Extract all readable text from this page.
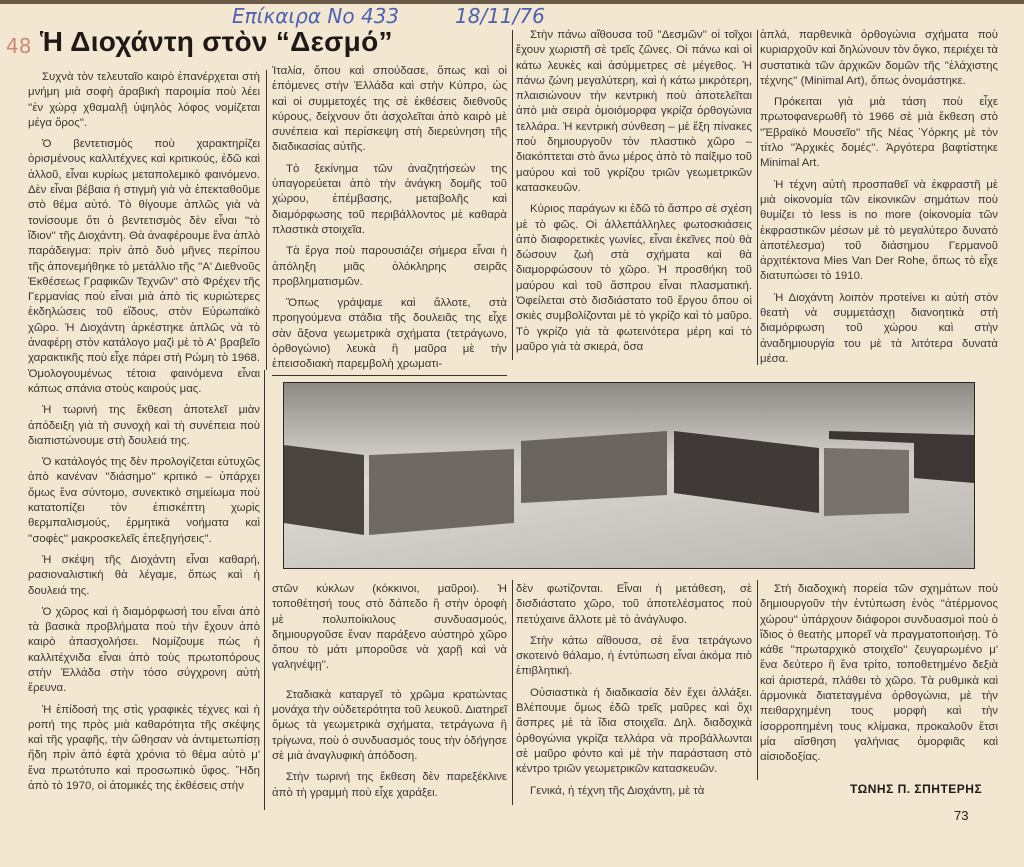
48
Επίκαιρα Νο 433	18/11/76
Ἡ Διοχάντη στὸν “Δεσμό”

Συχνὰ τὸν τελευταῖο καιρὸ ἐπανέρχεται στὴ μνήμη μιὰ σοφὴ ἀραβικὴ παροιμία ποὺ λέει ''ἐν χώρᾳ χθαμαλῇ ὑψηλὸς λόφος νομίζεται μέγα ὄρος''.

Ὁ βεντετισμὸς ποὺ χαρακτηρίζει ὁρισμένους καλλιτέχνες καὶ κριτικούς, ἐδῶ καὶ ἀλλοῦ, εἶναι κυρίως μεταπολεμικὸ φαινόμενο. Δὲν εἶναι βέβαια ἡ στιγμὴ γιὰ νὰ ἐπεκταθοῦμε στὸ θέμα αὐτό. Τὸ θίγουμε ἁπλῶς γιὰ νὰ τονίσουμε ὅτι ὁ βεντετισμὸς δὲν εἶναι ''τὸ ἴδιον'' τῆς Διοχάντη. Θὰ ἀναφέρουμε ἕνα ἁπλὸ παράδειγμα: πρὶν ἀπὸ δυὸ μῆνες περίπου τῆς ἀπονεμήθηκε τὸ μετάλλιο τῆς ''Α' Διεθνοῦς Ἐκθέσεως Γραφικῶν Τεχνῶν'' στὸ Φρέχεν τῆς Γερμανίας ποὺ εἶναι μιὰ ἀπὸ τὶς κυριώτερες ἐκδηλώσεις τοῦ εἴδους, στὸν Εὐρωπαϊκὸ χῶρο. Ἡ Διοχάντη ἀρκέστηκε ἁπλῶς νὰ τὸ ἀναφέρῃ στὸν κατάλογο μαζὶ μὲ τὸ Α' βραβεῖο χαρακτικῆς ποὺ εἶχε πάρει στὴ Ρώμη τὸ 1968. Ὁμολογουμένως τέτοια φαινόμενα εἶναι κάπως σπάνια στοὺς καιρούς μας.

Ἡ τωρινή της ἔκθεση ἀποτελεῖ μιὰν ἀπόδειξη γιὰ τὴ συνοχὴ καὶ τὴ συνέπεια ποὺ διαπιστώνουμε στὴ δουλειά της.

Ὁ κατάλογός της δὲν προλογίζεται εὐτυχῶς ἀπὸ κανέναν ''διάσημο'' κριτικό – ὑπάρχει ὅμως ἕνα σύντομο, συνεκτικὸ σημείωμα ποὺ κατατοπίζει τὸν ἐπισκέπτη χωρὶς θερμπαλισμούς, ἑρμητικὰ νοήματα καὶ ''σοφὲς'' μακροσκελεῖς ἐπεξηγήσεις''.

Ἡ σκέψη τῆς Διοχάντη εἶναι καθαρή, ρασιοναλιστικὴ θὰ λέγαμε, ὅπως καὶ ἡ δουλειά της.

Ὁ χῶρος καὶ ἡ διαμόρφωσή του εἶναι ἀπὸ τὰ βασικὰ προβλήματα ποὺ τὴν ἔχουν ἀπὸ καιρὸ ἀπασχολήσει. Νομίζουμε πὼς ἡ καλλιτέχνιδα εἶναι ἀπὸ τοὺς πρωτοπόρους στὴν Ἑλλάδα στὴν τόσο σύγχρονη αὐτὴ ἔρευνα.

Ἡ ἐπίδοσή της στὶς γραφικὲς τέχνες καὶ ἡ ροπή της πρὸς μιὰ καθαρότητα τῆς σκέψης καὶ τῆς γραφῆς, τὴν ὤθησαν νὰ ἀντιμετωπίσῃ ἤδη πρὶν ἀπὸ ἑφτὰ χρόνια τὸ θέμα αὐτὸ μ' ἕνα πρωτότυπο καὶ προσωπικὸ ὕφος. Ἤδη ἀπὸ τὸ 1970, οἱ ἀτομικές της ἐκθέσεις στὴν

Ἰταλία, ὅπου καὶ σπούδασε, ὅπως καὶ οἱ ἑπόμενες στὴν Ἑλλάδα καὶ στὴν Κύπρο, ὡς καὶ οἱ συμμετοχές της σὲ ἐκθέσεις διεθνοῦς κύρους, δείχνουν ὅτι ἀσχολεῖται ἀπὸ καιρὸ μὲ συνέπεια καὶ περίσκεψη στὴ διερεύνηση τῆς διαδικασίας αὐτῆς.

Τὸ ξεκίνημα τῶν ἀναζητήσεών της ὑπαγορεύεται ἀπὸ τὴν ἀνάγκη δομῆς τοῦ χώρου, ἐπέμβασης, μεταβολῆς καὶ διαμόρφωσης τοῦ περιβάλλοντος μὲ καθαρὰ πλαστικὰ στοιχεῖα.

Τὰ ἔργα ποὺ παρουσιάζει σήμερα εἶναι ἡ ἀπόληξη μιᾶς ὁλόκληρης σειρᾶς προβληματισμῶν.

Ὅπως γράψαμε καὶ ἄλλοτε, στὰ προηγούμενα στάδια τῆς δουλειᾶς της εἶχε σὰν ἄξονα γεωμετρικὰ σχήματα (τετράγωνο, ὀρθογώνιο) λευκὰ ἢ μαῦρα μὲ τὴν ἐπεισοδιακὴ παρεμβολὴ χρωματι-

Στὴν πάνω αἴθουσα τοῦ ''Δεσμῶν'' οἱ τοῖχοι ἔχουν χωριστῆ σὲ τρεῖς ζῶνες. Οἱ πάνω καὶ οἱ κάτω λευκὲς καὶ ἀσύμμετρες σὲ μέγεθος. Ἡ πάνω ζώνη μεγαλύτερη, καὶ ἡ κάτω μικρότερη, πλαισιώνουν τὴν κεντρικὴ ποὺ ἀποτελεῖται ἀπὸ μιὰ σειρὰ ὁμοιόμορφα γκρίζα ὀρθογώνια τελλάρα. Ἡ κεντρικὴ σύνθεση – μὲ ἕξη πίνακες ποὺ δημιουργοῦν τὸν πλαστικὸ χῶρο – διακόπτεται στὸ ἄνω μέρος ἀπὸ τὸ παίξιμο τοῦ μαύρου καὶ τοῦ γκρίζου τριῶν γεωμετρικῶν κατασκευῶν.

Κύριος παράγων κι ἐδῶ τὸ ἄσπρο σὲ σχέση μὲ τὸ φῶς. Οἱ ἀλλεπάλληλες φωτοσκιάσεις ἀπὸ διαφορετικὲς γωνίες, εἶναι ἐκεῖνες ποὺ θὰ δώσουν ζωὴ στὰ σχήματα καὶ θὰ διαμορφώσουν τὸ χῶρο. Ἡ προσθήκη τοῦ μαύρου καὶ τοῦ ἄσπρου εἶναι πλασματική. Ὀφείλεται στὸ δισδιάστατο τοῦ ἔργου ὅπου οἱ σκιὲς συμβολίζονται μὲ τὸ γκρίζο καὶ τὸ μαῦρο. Τὸ γκρίζο γιὰ τὰ φωτεινότερα μέρη καὶ τὸ μαῦρο γιὰ τὰ σκιερά, ὅσα

ἁπλά, παρθενικὰ ὀρθογώνια σχήματα ποὺ κυριαρχοῦν καὶ δηλώνουν τὸν ὄγκο, περιέχει τὰ συστατικὰ τῶν ἀρχικῶν δομῶν τῆς ''ἐλάχιστης τέχνης'' (Minimal Art), ὅπως ὀνομάστηκε.

Πρόκειται γιὰ μιὰ τάση ποὺ εἶχε πρωτοφανερωθῆ τὸ 1966 σὲ μιὰ ἔκθεση στὸ ''Ἑβραϊκὸ Μουσεῖο'' τῆς Νέας Ὑόρκης μὲ τὸν τίτλο ''Ἀρχικὲς δομές''. Ἀργότερα βαφτίστηκε Minimal Art.

Ἡ τέχνη αὐτὴ προσπαθεῖ νὰ ἐκφραστῆ μὲ μιὰ οἰκονομία τῶν εἰκονικῶν σημάτων ποὺ θυμίζει τὸ less is no more (οἰκονομία τῶν ἐκφραστικῶν μέσων μὲ τὸ μεγαλύτερο δυνατὸ ἀποτέλεσμα) τοῦ διάσημου Γερμανοῦ ἀρχιτέκτονα Mies Van Der Rohe, ὅπως τὸ εἶχε διατυπώσει τὸ 1910.

Ἡ Διοχάντη λοιπὸν προτείνει κι αὐτὴ στὸν θεατὴ νὰ συμμετάσχῃ διανοητικὰ στὴ διαμόρφωση τοῦ χώρου καὶ στὴν ἀναδημιουργία του μὲ τὰ λιτότερα δυνατὰ μέσα.

στῶν κύκλων (κόκκινοι, μαῦροι). Ἡ τοποθέτησή τους στὸ δάπεδο ἢ στὴν ὀροφὴ μὲ πολυποίκιλους συνδυασμούς, δημιουργοῦσε ἕναν παράξενο αὐστηρὸ χῶρο ὅπου τὸ μάτι μποροῦσε νὰ χαρῇ καὶ νὰ γαληνέψῃ''.

Σταδιακὰ καταργεῖ τὸ χρῶμα κρατώντας μονάχα τὴν οὐδετερότητα τοῦ λευκοῦ. Διατηρεῖ ὅμως τὰ γεωμετρικὰ σχήματα, τετράγωνα ἢ τρίγωνα, ποὺ ὁ συνδυασμός τους τὴν ὁδήγησε σὲ μιὰ ἀναγλυφικὴ ἀπόδοση.

Στὴν τωρινή της ἔκθεση δὲν παρεξέκλινε ἀπὸ τὴ γραμμὴ ποὺ εἶχε χαράξει.

δὲν φωτίζονται. Εἶναι ἡ μετάθεση, σὲ δισδιάστατο χῶρο, τοῦ ἀποτελέσματος ποὺ πετύχαινε ἄλλοτε μὲ τὸ ἀνάγλυφο.

Στὴν κάτω αἴθουσα, σὲ ἕνα τετράγωνο σκοτεινὸ θάλαμο, ἡ ἐντύπωση εἶναι ἀκόμα πιὸ ἐπιβλητική.

Οὐσιαστικὰ ἡ διαδικασία δὲν ἔχει ἀλλάξει. Βλέπουμε ὅμως ἐδῶ τρεῖς μαῦρες καὶ ὄχι ἄσπρες μὲ τὰ ἴδια στοιχεῖα. Δηλ. διαδοχικὰ ὀρθογώνια γκρίζα τελλάρα νὰ προβάλλωνται σὲ μαῦρο φόντο καὶ μὲ τὴν παράσταση στὸ κέντρο τριῶν γεωμετρικῶν κατασκευῶν.

Γενικά, ἡ τέχνη τῆς Διοχάντη, μὲ τὰ

Στὴ διαδοχικὴ πορεία τῶν σχημάτων ποὺ δημιουργοῦν τὴν ἐντύπωση ἑνὸς ''ἀτέρμονος χώρου'' ὑπάρχουν διάφοροι συνδυασμοὶ ποὺ ὁ ἴδιος ὁ θεατὴς μπορεῖ νὰ πραγματοποιήσῃ. Τὸ κάθε ''πρωταρχικὸ στοιχεῖο'' ζευγαρωμένο μ' ἕνα δεύτερο ἢ ἕνα τρίτο, τοποθετημένο δεξιὰ καὶ ἀριστερά, πλάθει τὸ χῶρο. Τὰ ρυθμικὰ καὶ ἁρμονικὰ διατεταγμένα ὀρθογώνια, μὲ τὴν πειθαρχημένη τους μορφὴ καὶ τὴν ἰσορροπημένη τους κλίμακα, προκαλοῦν ἔτσι μία αἴσθηση γαλήνιας ὀμορφιᾶς καὶ αἰσιοδοξίας.

ΤΩΝΗΣ Π. ΣΠΗΤΕΡΗΣ
73
